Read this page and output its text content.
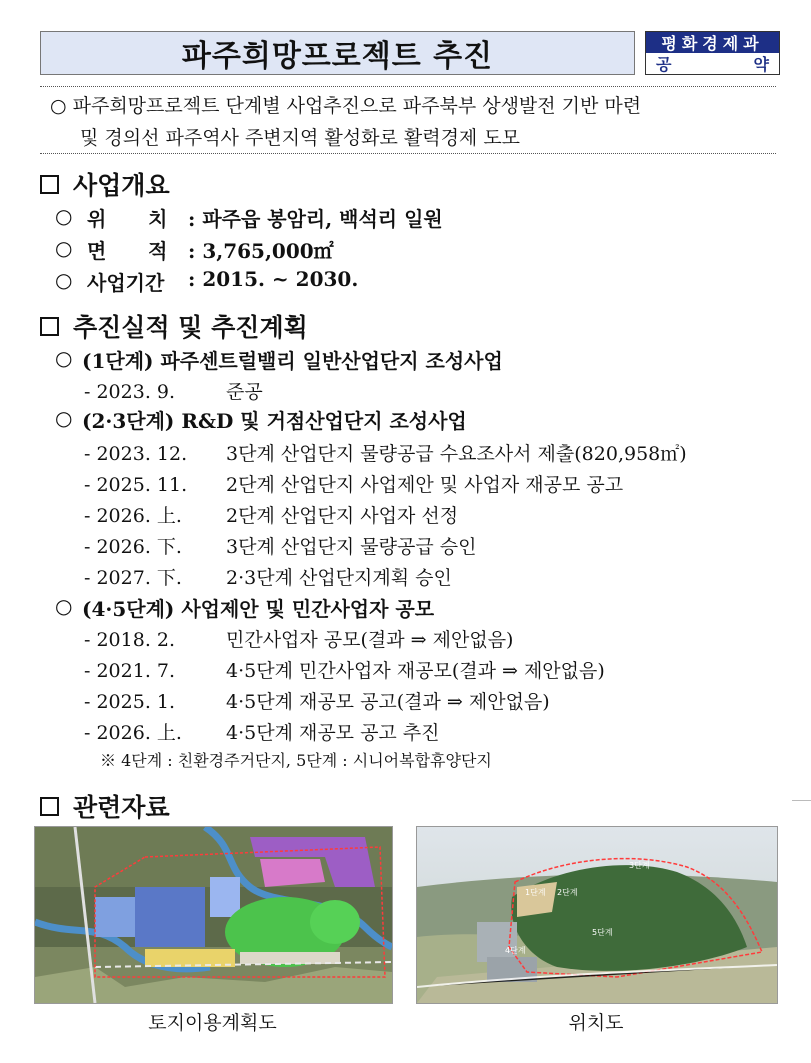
파주희망프로젝트 추진	평화경제과
공	약
○ 파주희망프로젝트 단계별 사업추진으로 파주북부 상생발전 기반 마련
및 경의선 파주역사 주변지역 활성화로 활력경제 도모
사업개요
○ 위      치 : 파주읍 봉암리, 백석리 일원
○ 면      적 : 3,765,000㎡
○ 사업기간 : 2015. ~ 2030.
추진실적 및 추진계획
○ (1단계) 파주센트럴밸리 일반산업단지 조성사업
- 2023. 9.	준공
○ (2·3단계) R&D 및 거점산업단지 조성사업
- 2023. 12. 3단계 산업단지 물량공급 수요조사서 제출(820,958㎡)
- 2025. 11. 2단계 산업단지 사업제안 및 사업자 재공모 공고
- 2026. 上. 2단계 산업단지 사업자 선정
- 2026. 下. 3단계 산업단지 물량공급 승인
- 2027. 下. 2·3단계 산업단지계획 승인
○ (4·5단계) 사업제안 및 민간사업자 공모
- 2018. 2.	민간사업자 공모(결과 ⇒ 제안없음)
- 2021. 7.	4·5단계 민간사업자 재공모(결과 ⇒ 제안없음)
- 2025. 1.	4·5단계 재공모 공고(결과 ⇒ 제안없음)
- 2026. 上. 4·5단계 재공모 공고 추진
※ 4단계 : 친환경주거단지, 5단계 : 시니어복합휴양단지
관련자료
토지이용계획도
1단계 2단계
3단계
4단계
5단계
위치도
